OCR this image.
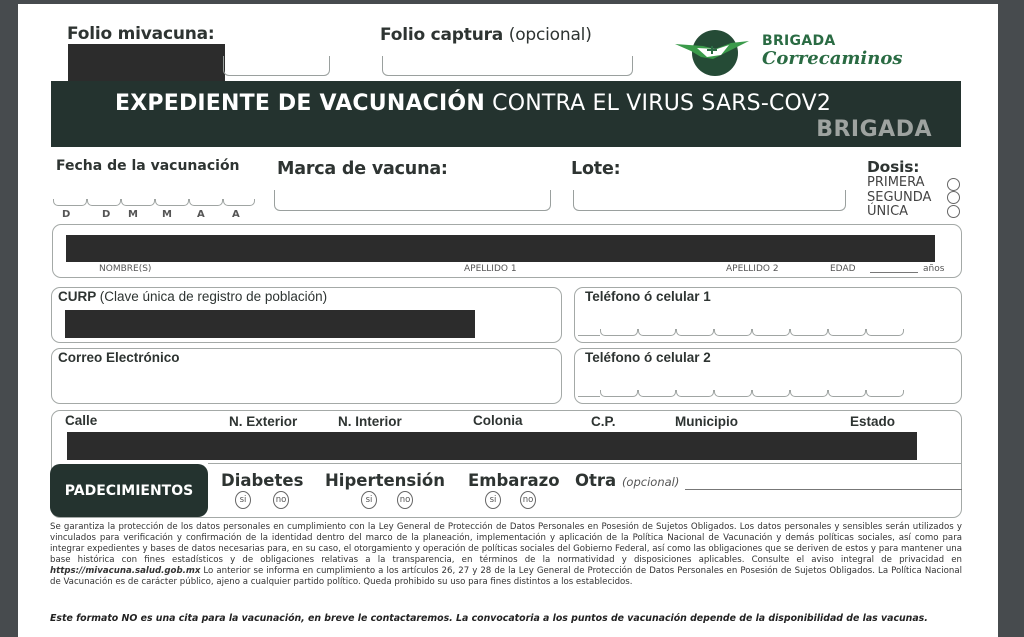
Folio mivacuna:	Folio captura (opcional)	BRIGADA
Correcaminos
EXPEDIENTE DE VACUNACIÓN CONTRA EL VIRUS SARS-COV2
BRIGADA
Fecha de la vacunación
D	D M M	A	A
Marca de vacuna:	Lote:	Dosis:
PRIMERA
SEGUNDA
ÚNICA
NOMBRE(S)	APELLIDO 1	APELLIDO 2	EDAD	años
CURP (Clave única de registro de población)	Teléfono ó celular 1
Correo Electrónico	Teléfono ó celular 2
Calle	N. Exterior	N. Interior	Colonia	C.P.	Municipio	Estado
PADECIMIENTOS
Diabetes
si	no
Hipertensión
si	no
Embarazo
si	no
Otra (opcional)
Se garantiza la protección de los datos personales en cumplimiento con la Ley General de Protección de Datos Personales en Posesión de Sujetos Obligados. Los datos personales y sensibles serán utilizados y vinculados para verificación y confirmación de la identidad dentro del marco de la planeación, implementación y aplicación de la Política Nacional de Vacunación y demás políticas sociales, así como para integrar expedientes y bases de datos necesarias para, en su caso, el otorgamiento y operación de políticas sociales del Gobierno Federal, así como las obligaciones que se deriven de estos y para mantener una base histórica con fines estadísticos y de obligaciones relativas a la transparencia, en términos de la normatividad y disposiciones aplicables. Consulte el aviso integral de privacidad en https://mivacuna.salud.gob.mx Lo anterior se informa en cumplimiento a los artículos 26, 27 y 28 de la Ley General de Protección de Datos Personales en Posesión de Sujetos Obligados. La Política Nacional de Vacunación es de carácter público, ajeno a cualquier partido político. Queda prohibido su uso para fines distintos a los establecidos.
Este formato NO es una cita para la vacunación, en breve le contactaremos. La convocatoria a los puntos de vacunación depende de la disponibilidad de las vacunas.
